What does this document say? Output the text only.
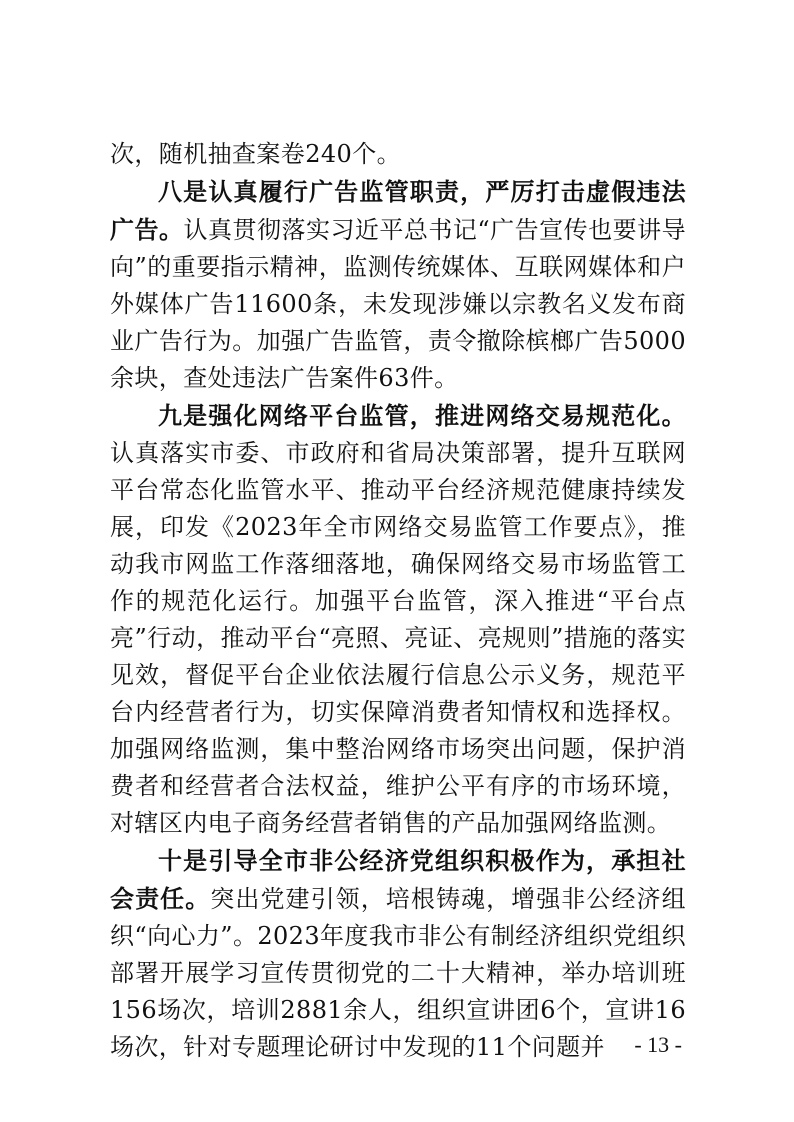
次，随机抽查案卷240个。

八是认真履行广告监管职责，严厉打击虚假违法广告。认真贯彻落实习近平总书记“广告宣传也要讲导向”的重要指示精神，监测传统媒体、互联网媒体和户外媒体广告11600条，未发现涉嫌以宗教名义发布商业广告行为。加强广告监管，责令撤除槟榔广告5000余块，查处违法广告案件63件。

九是强化网络平台监管，推进网络交易规范化。认真落实市委、市政府和省局决策部署，提升互联网平台常态化监管水平、推动平台经济规范健康持续发展，印发《2023年全市网络交易监管工作要点》，推动我市网监工作落细落地，确保网络交易市场监管工作的规范化运行。加强平台监管，深入推进“平台点亮”行动，推动平台“亮照、亮证、亮规则”措施的落实见效，督促平台企业依法履行信息公示义务，规范平台内经营者行为，切实保障消费者知情权和选择权。加强网络监测，集中整治网络市场突出问题，保护消费者和经营者合法权益，维护公平有序的市场环境，对辖区内电子商务经营者销售的产品加强网络监测。

十是引导全市非公经济党组织积极作为，承担社会责任。突出党建引领，培根铸魂，增强非公经济组织“向心力”。2023年度我市非公有制经济组织党组织部署开展学习宣传贯彻党的二十大精神，举办培训班156场次，培训2881余人，组织宣讲团6个，宣讲16场次，针对专题理论研讨中发现的11个问题并	- 13 -
